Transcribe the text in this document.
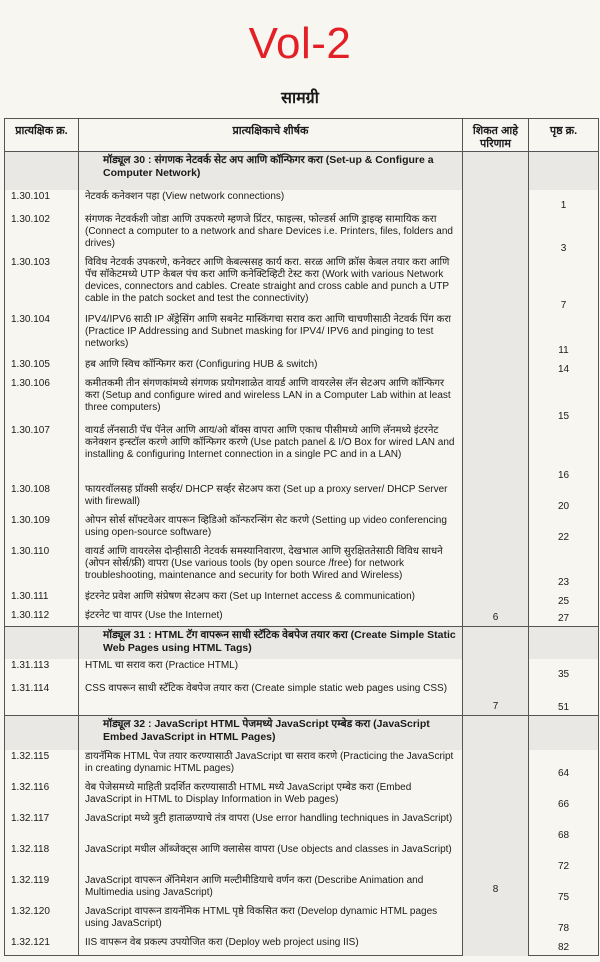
Vol-2
सामग्री
प्रात्यक्षिक क्र.	प्रात्यक्षिकाचे शीर्षक	शिकत आहे परिणाम	पृष्ठ क्र.

	मॉड्यूल 30 : संगणक नेटवर्क सेट अप आणि कॉन्फिगर करा (Set-up & Configure a Computer Network)	6	
1.30.101	नेटवर्क कनेक्शन पहा (View network connections)		1
1.30.102	संगणक नेटवर्कशी जोडा आणि उपकरणे म्हणजे प्रिंटर, फाइल्स, फोल्डर्स आणि ड्राइव्ह सामायिक करा (Connect a computer to a network and share Devices i.e. Printers, files, folders and drives)		3
1.30.103	विविध नेटवर्क उपकरणे, कनेक्टर आणि केबल्ससह कार्य करा. सरळ आणि क्रॉस केबल तयार करा आणि पॅच सॉकेटमध्ये UTP केबल पंच करा आणि कनेक्टिव्हिटी टेस्ट करा (Work with various Network devices, connectors and cables. Create straight and cross cable and punch a UTP cable in the patch socket and test the connectivity)		7
1.30.104	IPV4/IPV6 साठी IP ॲड्रेसिंग आणि सबनेट मास्किंगचा सराव करा आणि चाचणीसाठी नेटवर्क पिंग करा (Practice IP Addressing and Subnet masking for IPV4/ IPV6 and pinging to test networks)		11
1.30.105	हब आणि स्विच कॉन्फिगर करा (Configuring HUB & switch)		14
1.30.106	कमीतकमी तीन संगणकांमध्ये संगणक प्रयोगशाळेत वायर्ड आणि वायरलेस लॅन सेटअप आणि कॉन्फिगर करा (Setup and configure wired and wireless LAN in a Computer Lab within at least three computers)		15
1.30.107	वायर्ड लॅनसाठी पॅच पॅनेल आणि आय/ओ बॉक्स वापरा आणि एकाच पीसीमध्ये आणि लॅनमध्ये इंटरनेट कनेक्शन इन्स्टॉल करणे आणि कॉन्फिगर करणे (Use patch panel & I/O Box for wired LAN and installing & configuring Internet connection in a single PC and in a LAN)		16
1.30.108	फायरवॉलसह प्रॉक्सी सर्व्हर/ DHCP सर्व्हर सेटअप करा (Set up a proxy server/ DHCP Server with firewall)		20
1.30.109	ओपन सोर्स सॉफ्टवेअर वापरून व्हिडिओ कॉन्फरन्सिंग सेट करणे (Setting up video conferencing using open-source software)		22
1.30.110	वायर्ड आणि वायरलेस दोन्हीसाठी नेटवर्क समस्यानिवारण, देखभाल आणि सुरक्षिततेसाठी विविध साधने (ओपन सोर्स/फ्री) वापरा (Use various tools (by open source /free) for network troubleshooting, maintenance and security for both Wired and Wireless)		23
1.30.111	इंटरनेट प्रवेश आणि संप्रेषण सेटअप करा (Set up Internet access & communication)		25
1.30.112	इंटरनेट चा वापर (Use the Internet)		27

	मॉड्यूल 31 : HTML टॅग वापरून साधी स्टॅटिक वेबपेज तयार करा (Create Simple Static Web Pages using HTML Tags)	7	
1.31.113	HTML चा सराव करा (Practice HTML)		35
1.31.114	CSS वापरून साधी स्टॅटिक वेबपेज तयार करा (Create simple static web pages using CSS)		51

	मॉड्यूल 32 : JavaScript HTML पेजमध्ये JavaScript एम्बेड करा (JavaScript Embed JavaScript in HTML Pages)	8	
1.32.115	डायनॅमिक HTML पेज तयार करण्यासाठी JavaScript चा सराव करणे (Practicing the JavaScript in creating dynamic HTML pages)		64
1.32.116	वेब पेजेसमध्ये माहिती प्रदर्शित करण्यासाठी HTML मध्ये JavaScript एम्बेड करा (Embed JavaScript in HTML to Display Information in Web pages)		66
1.32.117	JavaScript मध्ये त्रुटी हाताळण्याचे तंत्र वापरा (Use error handling techniques in JavaScript)		68
1.32.118	JavaScript मधील ऑब्जेक्ट्स आणि क्लासेस वापरा (Use objects and classes in JavaScript)		72
1.32.119	JavaScript वापरून ॲनिमेशन आणि मल्टीमीडियाचे वर्णन करा (Describe Animation and Multimedia using JavaScript)		75
1.32.120	JavaScript वापरून डायनॅमिक HTML पृष्ठे विकसित करा (Develop dynamic HTML pages using JavaScript)		78
1.32.121	IIS वापरून वेब प्रकल्प उपयोजित करा (Deploy web project using IIS)		82
